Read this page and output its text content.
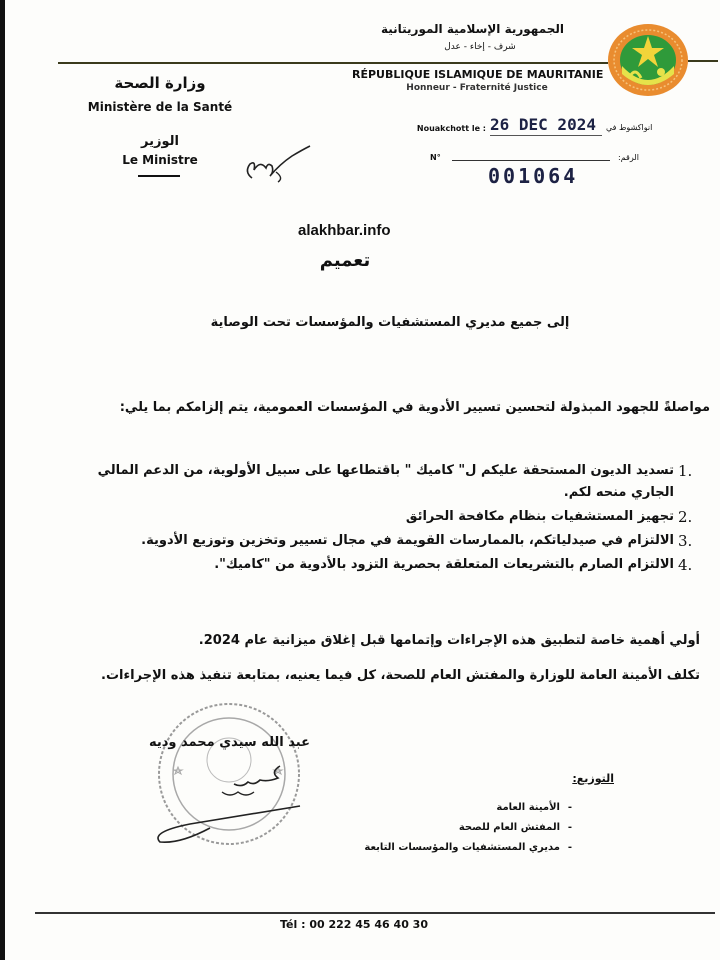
الجمهورية الإسلامية الموريتانية
شرف - إخاء - عدل
RÉPUBLIQUE ISLAMIQUE DE MAURITANIE
Honneur - Fraternité Justice
وزارة الصحة
Ministère de la Santé
الوزير
Le Ministre
Nouakchott le : 26 DEC 2024	انواكشوط في
N°	الرقم:
001064
alakhbar.info
تعميم
إلى جميع مديري المستشفيات والمؤسسات تحت الوصاية
مواصلةً للجهود المبذولة لتحسين تسيير الأدوية في المؤسسات العمومية، يتم إلزامكم بما يلي:
1.
تسديد الديون المستحقة عليكم ل" كاميك " باقتطاعها على سبيل الأولوية، من الدعم المالي الجاري منحه لكم.
2.
تجهيز المستشفيات بنظام مكافحة الحرائق
3.
الالتزام في صيدلياتكم، بالممارسات القويمة في مجال تسيير وتخزين وتوزيع الأدوية.
4.
الالتزام الصارم بالتشريعات المتعلقة بحصرية التزود بالأدوية من "كاميك".
أولي أهمية خاصة لتطبيق هذه الإجراءات وإتمامها قبل إغلاق ميزانية عام 2024.
تكلف الأمينة العامة للوزارة والمفتش العام للصحة، كل فيما يعنيه، بمتابعة تنفيذ هذه الإجراءات.
عبد الله سيدي محمد وديه
التوزيع:
-
الأمينة العامة
-
المفتش العام للصحة
-
مديري المستشفيات والمؤسسات التابعة
Tél : 00 222 45 46 40 30
